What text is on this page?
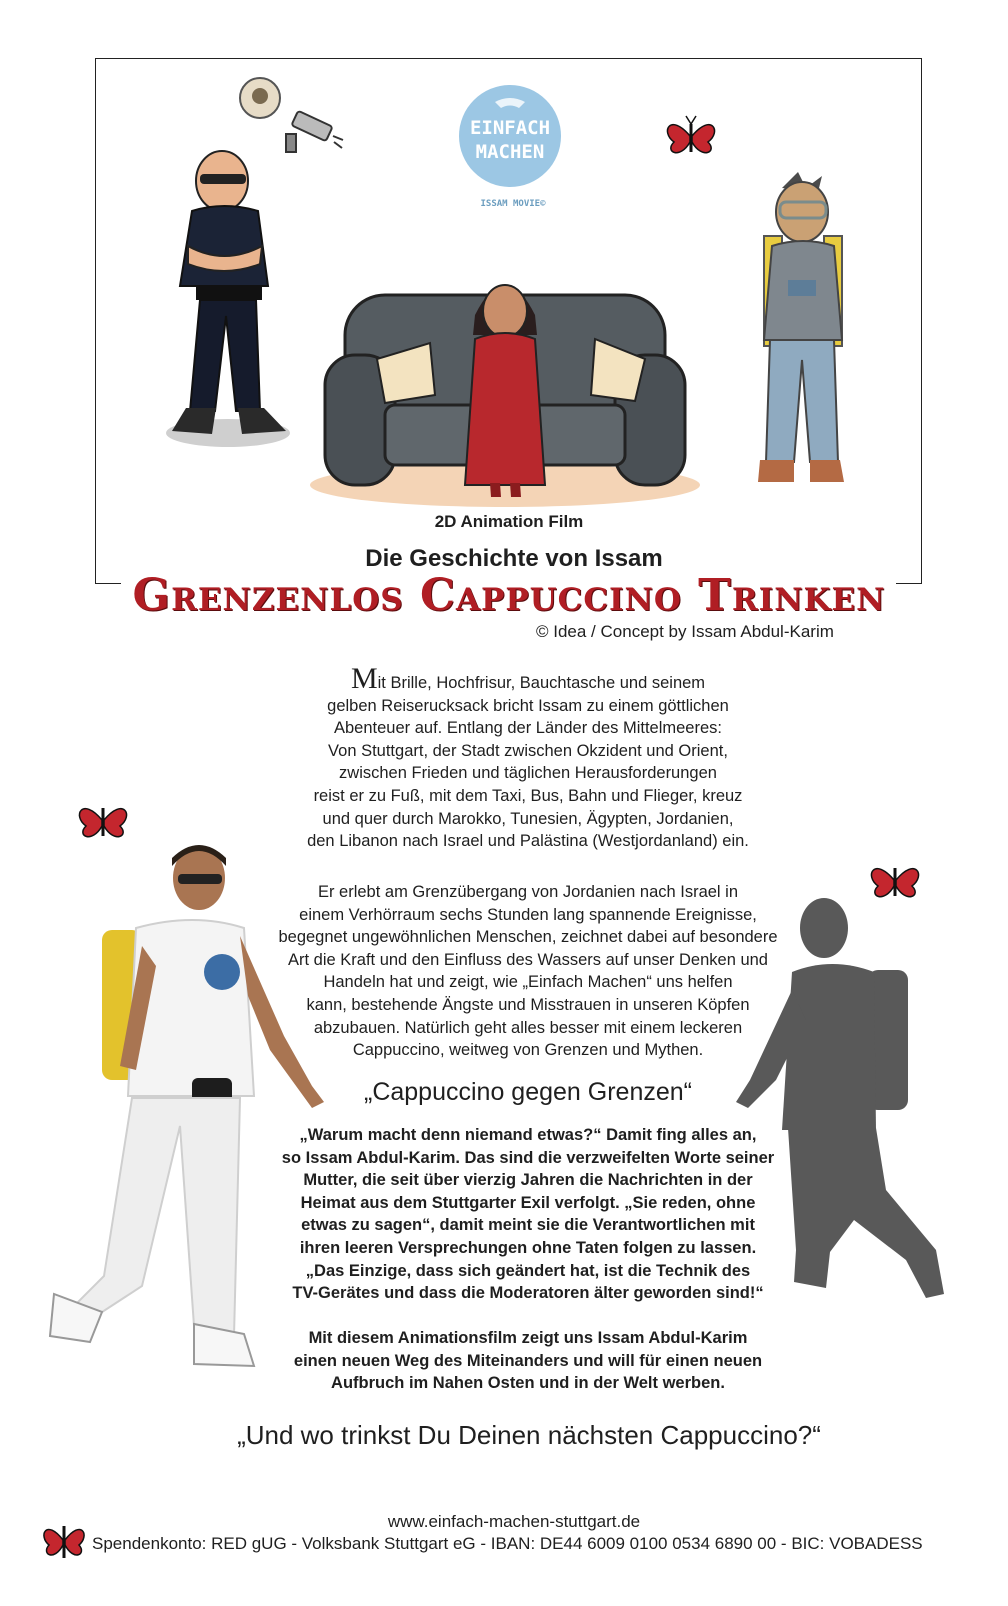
EINFACH
MACHEN
ISSAM MOVIE©
2D Animation Film
Die Geschichte von Issam
Grenzenlos Cappuccino Trinken
© Idea / Concept by Issam Abdul-Karim
Mit Brille, Hochfrisur, Bauchtasche und seinem
gelben Reiserucksack bricht Issam zu einem göttlichen
Abenteuer auf. Entlang der Länder des Mittelmeeres:
Von Stuttgart, der Stadt zwischen Okzident und Orient,
zwischen Frieden und täglichen Herausforderungen
reist er zu Fuß, mit dem Taxi, Bus, Bahn und Flieger, kreuz
und quer durch Marokko, Tunesien, Ägypten, Jordanien,
den Libanon nach Israel und Palästina (Westjordanland) ein.
Er erlebt am Grenzübergang von Jordanien nach Israel in
einem Verhörraum sechs Stunden lang spannende Ereignisse,
begegnet ungewöhnlichen Menschen, zeichnet dabei auf besondere
Art die Kraft und den Einfluss des Wassers auf unser Denken und
Handeln hat und zeigt, wie „Einfach Machen“ uns helfen
kann, bestehende Ängste und Misstrauen in unseren Köpfen
abzubauen. Natürlich geht alles besser mit einem leckeren
Cappuccino, weitweg von Grenzen und Mythen.
„Cappuccino gegen Grenzen“
„Warum macht denn niemand etwas?“ Damit fing alles an,
so Issam Abdul-Karim. Das sind die verzweifelten Worte seiner
Mutter, die seit über vierzig Jahren die Nachrichten in der
Heimat aus dem Stuttgarter Exil verfolgt. „Sie reden, ohne
etwas zu sagen“, damit meint sie die Verantwortlichen mit
ihren leeren Versprechungen ohne Taten folgen zu lassen.
„Das Einzige, dass sich geändert hat, ist die Technik des
TV-Gerätes und dass die Moderatoren älter geworden sind!“
Mit diesem Animationsfilm zeigt uns Issam Abdul-Karim
einen neuen Weg des Miteinanders und will für einen neuen
Aufbruch im Nahen Osten und in der Welt werben.
„Und wo trinkst Du Deinen nächsten Cappuccino?“
www.einfach-machen-stuttgart.de
Spendenkonto: RED gUG - Volksbank Stuttgart eG - IBAN: DE44 6009 0100 0534 6890 00 - BIC: VOBADESS
